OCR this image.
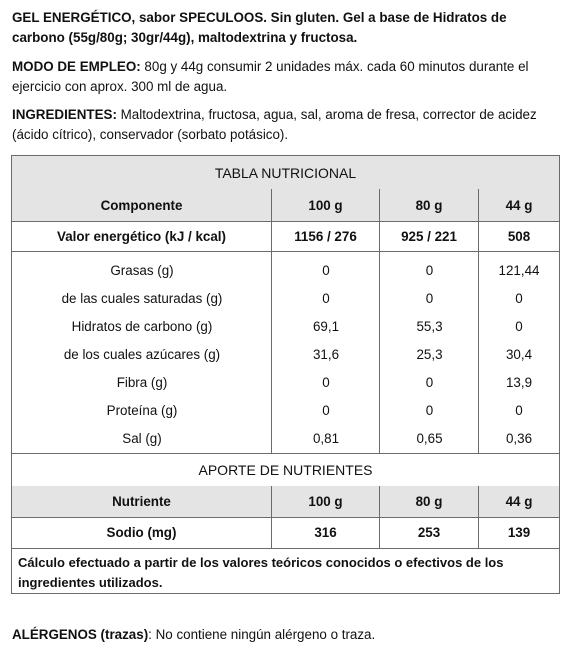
GEL ENERGÉTICO, sabor SPECULOOS. Sin gluten. Gel a base de Hidratos de carbono (55g/80g; 30gr/44g), maltodextrina y fructosa.
MODO DE EMPLEO: 80g y 44g consumir 2 unidades máx. cada 60 minutos durante el ejercicio con aprox. 300 ml de agua.
INGREDIENTES: Maltodextrina, fructosa, agua, sal, aroma de fresa, corrector de acidez (ácido cítrico), conservador (sorbato potásico).
TABLA NUTRICIONAL
Componente	100 g	80 g	44 g
Valor energético (kJ / kcal)	1156 / 276	925 / 221	508
Grasas (g)	0	0	121,44
de las cuales saturadas (g)	0	0	0
Hidratos de carbono (g)	69,1	55,3	0
de los cuales azúcares (g)	31,6	25,3	30,4
Fibra (g)	0	0	13,9
Proteína (g)	0	0	0
Sal (g)	0,81	0,65	0,36
APORTE DE NUTRIENTES
Nutriente	100 g	80 g	44 g
Sodio (mg)	316	253	139
Cálculo efectuado a partir de los valores teóricos conocidos o efectivos de los ingredientes utilizados.
ALÉRGENOS (trazas): No contiene ningún alérgeno o traza.
